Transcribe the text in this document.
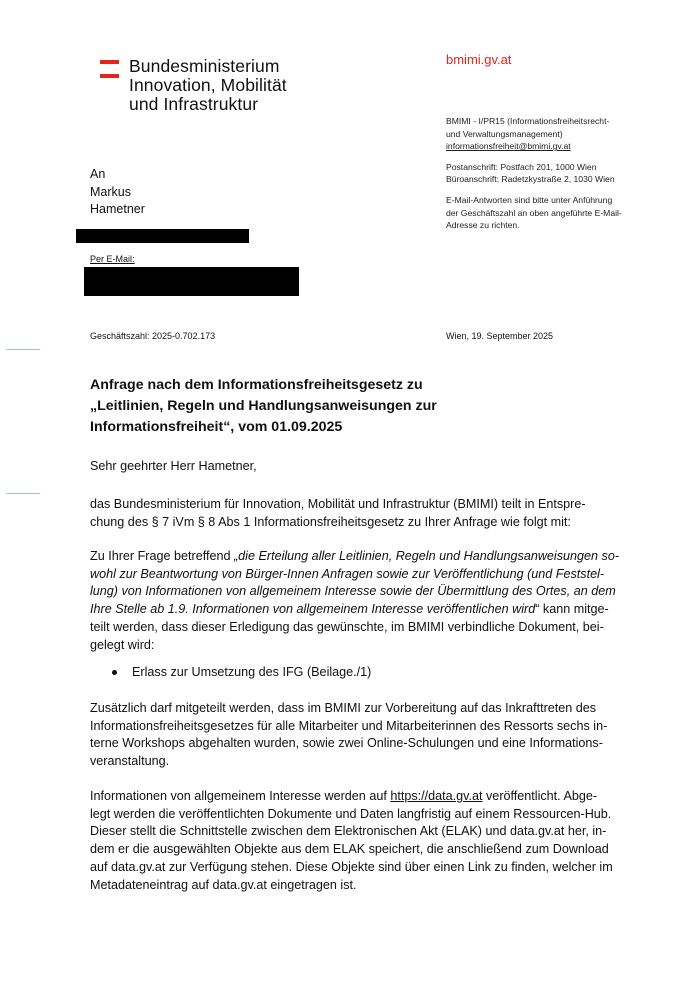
Bundesministerium
Innovation, Mobilität
und Infrastruktur
bmimi.gv.at
BMIMI - I/PR15 (Informationsfreiheitsrecht-
und Verwaltungsmanagement)
informationsfreiheit@bmimi.gv.at
Postanschrift: Postfach 201, 1000 Wien
Büroanschrift: Radetzkystraße 2, 1030 Wien
E-Mail-Antworten sind bitte unter Anführung
der Geschäftszahl an oben angeführte E-Mail-
Adresse zu richten.
An
Markus
Hametner
Per E-Mail:
Geschäftszahl: 2025-0.702.173	Wien, 19. September 2025
Anfrage nach dem Informationsfreiheitsgesetz zu
„Leitlinien, Regeln und Handlungsanweisungen zur
Informationsfreiheit“, vom 01.09.2025
Sehr geehrter Herr Hametner,
das Bundesministerium für Innovation, Mobilität und Infrastruktur (BMIMI) teilt in Entspre-
chung des § 7 iVm § 8 Abs 1 Informationsfreiheitsgesetz zu Ihrer Anfrage wie folgt mit:
Zu Ihrer Frage betreffend „die Erteilung aller Leitlinien, Regeln und Handlungsanweisungen so-
wohl zur Beantwortung von Bürger-Innen Anfragen sowie zur Veröffentlichung (und Feststel-
lung) von Informationen von allgemeinem Interesse sowie der Übermittlung des Ortes, an dem
Ihre Stelle ab 1.9. Informationen von allgemeinem Interesse veröffentlichen wird“ kann mitge-
teilt werden, dass dieser Erledigung das gewünschte, im BMIMI verbindliche Dokument, bei-
gelegt wird:
Erlass zur Umsetzung des IFG (Beilage./1)
Zusätzlich darf mitgeteilt werden, dass im BMIMI zur Vorbereitung auf das Inkrafttreten des
Informationsfreiheitsgesetzes für alle Mitarbeiter und Mitarbeiterinnen des Ressorts sechs in-
terne Workshops abgehalten wurden, sowie zwei Online-Schulungen und eine Informations-
veranstaltung.
Informationen von allgemeinem Interesse werden auf https://data.gv.at veröffentlicht. Abge-
legt werden die veröffentlichten Dokumente und Daten langfristig auf einem Ressourcen-Hub.
Dieser stellt die Schnittstelle zwischen dem Elektronischen Akt (ELAK) und data.gv.at her, in-
dem er die ausgewählten Objekte aus dem ELAK speichert, die anschließend zum Download
auf data.gv.at zur Verfügung stehen. Diese Objekte sind über einen Link zu finden, welcher im
Metadateneintrag auf data.gv.at eingetragen ist.
